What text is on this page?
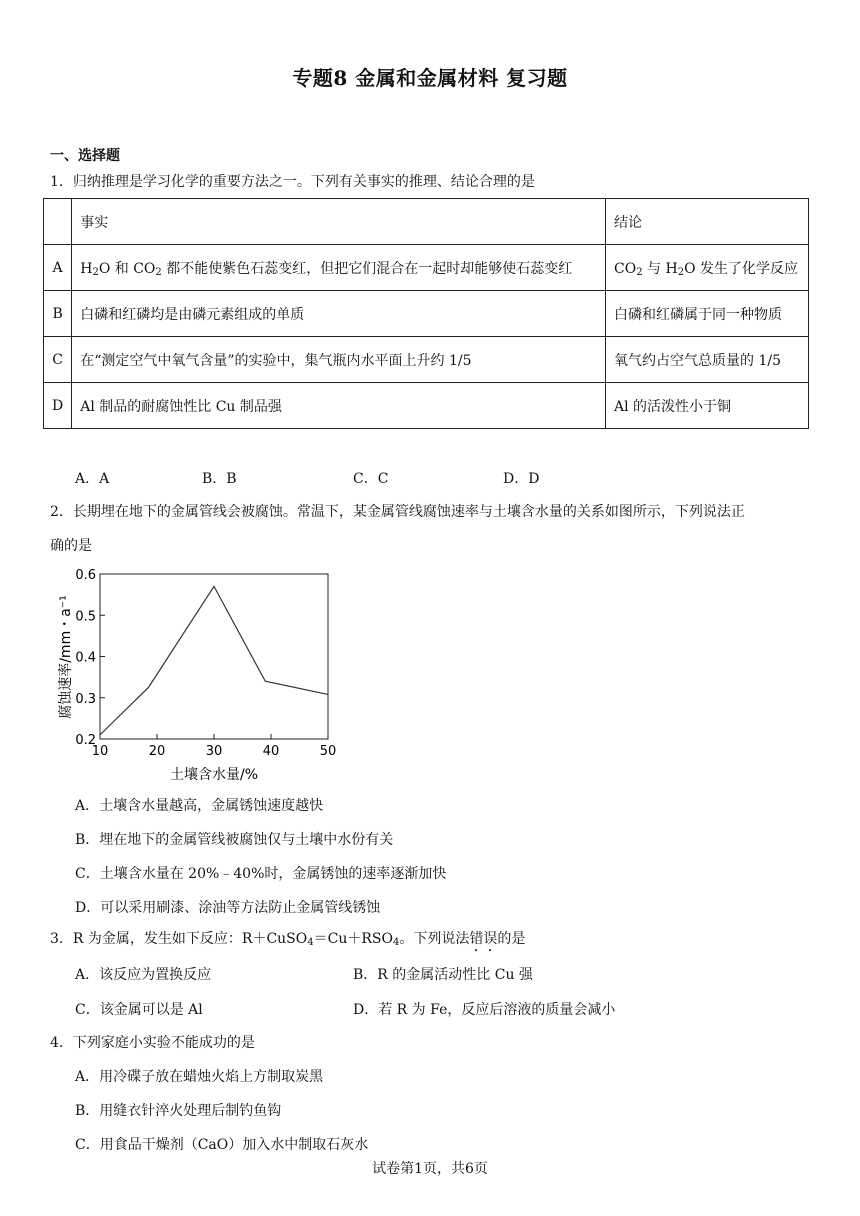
专题8 金属和金属材料 复习题
一、选择题
1．归纳推理是学习化学的重要方法之一。下列有关事实的推理、结论合理的是
	事实	结论
A	$H_2O$ 和 $CO_2$ 都不能使紫色石蕊变红，但把它们混合在一起时却能够使石蕊变红	$CO_2$ 与 $H_2O$ 发生了化学反应
B	白磷和红磷均是由磷元素组成的单质	白磷和红磷属于同一种物质
C	在“测定空气中氧气含量”的实验中，集气瓶内水平面上升约 1/5	氧气约占空气总质量的 1/5
D	Al 制品的耐腐蚀性比 Cu 制品强	Al 的活泼性小于铜
A．A	B．B	C．C	D．D
2．长期埋在地下的金属管线会被腐蚀。常温下，某金属管线腐蚀速率与土壤含水量的关系如图所示，下列说法正
确的是
10	20	30	40	50
0.2
0.3
0.4
0.5
0.6
腐蚀速率/mm・a⁻¹
土壤含水量/%
A．土壤含水量越高，金属锈蚀速度越快
B．埋在地下的金属管线被腐蚀仅与土壤中水份有关
C．土壤含水量在 20%﹣40%时，金属锈蚀的速率逐渐加快
D．可以采用刷漆、涂油等方法防止金属管线锈蚀
3．R 为金属，发生如下反应：$R+CuSO_4=Cu+RSO_4$。下列说法错误的是
A．该反应为置换反应	B．R 的金属活动性比 Cu 强
C．该金属可以是 Al	D．若 R 为 Fe，反应后溶液的质量会减小
4．下列家庭小实验不能成功的是
A．用冷碟子放在蜡烛火焰上方制取炭黑
B．用缝衣针淬火处理后制钓鱼钩
C．用食品干燥剂（CaO）加入水中制取石灰水
试卷第1页，共6页
